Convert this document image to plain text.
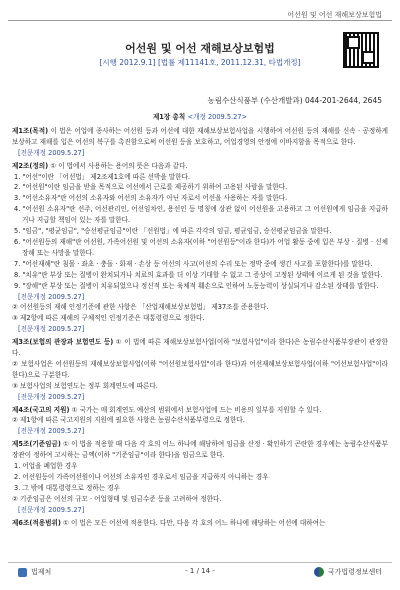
어선원 및 어선 재해보상보험법
어선원 및 어선 재해보상보험법
[시행 2012.9.1] [법률 제11141호, 2011.12.31, 타법개정]
농림수산식품부 (수산개발과) 044-201-2644, 2645
제1장 총칙 <개정 2009.5.27>
제1조(목적) 이 법은 어업에 종사하는 어선원 등과 어선에 대한 재해보상보험사업을 시행하여 어선원 등의 재해를 신속 · 공정하게 보상하고 재해를 입은 어선의 복구를 촉진함으로써 어선원 등을 보호하고, 어업경영의 안정에 이바지함을 목적으로 한다.
[전문개정 2009.5.27]
제2조(정의) ① 이 법에서 사용하는 용어의 뜻은 다음과 같다.
1. "어선"이란 「어선법」 제2조제1호에 따른 선박을 말한다.
2. "어선원"이란 임금을 받을 목적으로 어선에서 근로를 제공하기 위하여 고용된 사람을 말한다.
3. "어선소유자"란 어선의 소유자와 어선의 소유자가 아닌 자로서 어선을 사용하는 자를 말한다.
4. "어선원 소유자"란 선주, 어선관리인, 어선임차인, 용선인 등 명칭에 상관 없이 어선원을 고용하고 그 어선원에게 임금을 지급하거나 지급할 책임이 있는 자를 말한다.
5. "임금", "평균임금", "승선평균임금"이란 「선원법」에 따른 각각의 임금, 평균임금, 승선평균임금을 말한다.
6. "어선원등의 재해"란 어선원, 가족어선원 및 어선의 소유자(이하 "어선원등"이라 한다)가 어업 활동 중에 입은 부상 · 질병 · 신체장해 또는 사망을 말한다.
7. "어선재해"란 침몰 · 좌초 · 충돌 · 화재 · 손상 등 어선의 사고(어선의 수리 또는 정박 중에 생긴 사고를 포함한다)를 말한다.
8. "치유"란 부상 또는 질병이 완치되거나 치료의 효과를 더 이상 기대할 수 없고 그 증상이 고정된 상태에 이르게 된 것을 말한다.
9. "장해"란 부상 또는 질병이 치유되었으나 정신적 또는 육체적 훼손으로 인하여 노동능력이 상실되거나 감소된 상태를 말한다.
[전문개정 2009.5.27]
② 어선원등의 재해 인정기준에 관한 사항은 「산업재해보상보험법」 제37조를 준용한다.
③ 제2항에 따른 재해의 구체적인 인정기준은 대통령령으로 정한다.
[전문개정 2009.5.27]
제3조(보험의 관장과 보험연도 등) ① 이 법에 따른 재해보상보험사업(이하 "보험사업"이라 한다)은 농림수산식품부장관이 관장한다.
② 보험사업은 어선원등의 재해보상보험사업(이하 "어선원보험사업"이라 한다)과 어선재해보상보험사업(이하 "어선보험사업"이라 한다)으로 구분한다.
③ 보험사업의 보험연도는 정부 회계연도에 따른다.
[전문개정 2009.5.27]
제4조(국고의 지원) ① 국가는 매 회계연도 예산의 범위에서 보험사업에 드는 비용의 일부를 지원할 수 있다.
② 제1항에 따른 국고지원의 지원에 필요한 사항은 농림수산식품부령으로 정한다.
[전문개정 2009.5.27]
제5조(기준임금) ① 이 법을 적용할 때 다음 각 호의 어느 하나에 해당하여 임금을 산정 · 확인하기 곤란한 경우에는 농림수산식품부장관이 정하여 고시하는 금액(이하 "기준임금"이라 한다)을 임금으로 한다.
1. 어업을 폐업한 경우
2. 어선원등이 가족어선원이나 어선의 소유자인 경우로서 임금을 지급하지 아니하는 경우
3. 그 밖에 대통령령으로 정하는 경우
② 기준임금은 어선의 규모 · 어업형태 및 임금수준 등을 고려하여 정한다.
[전문개정 2009.5.27]
제6조(적용범위) ① 이 법은 모든 어선에 적용한다. 다만, 다음 각 호의 어느 하나에 해당하는 어선에 대하여는
법제처	- 1 / 14 -	국가법령정보센터
